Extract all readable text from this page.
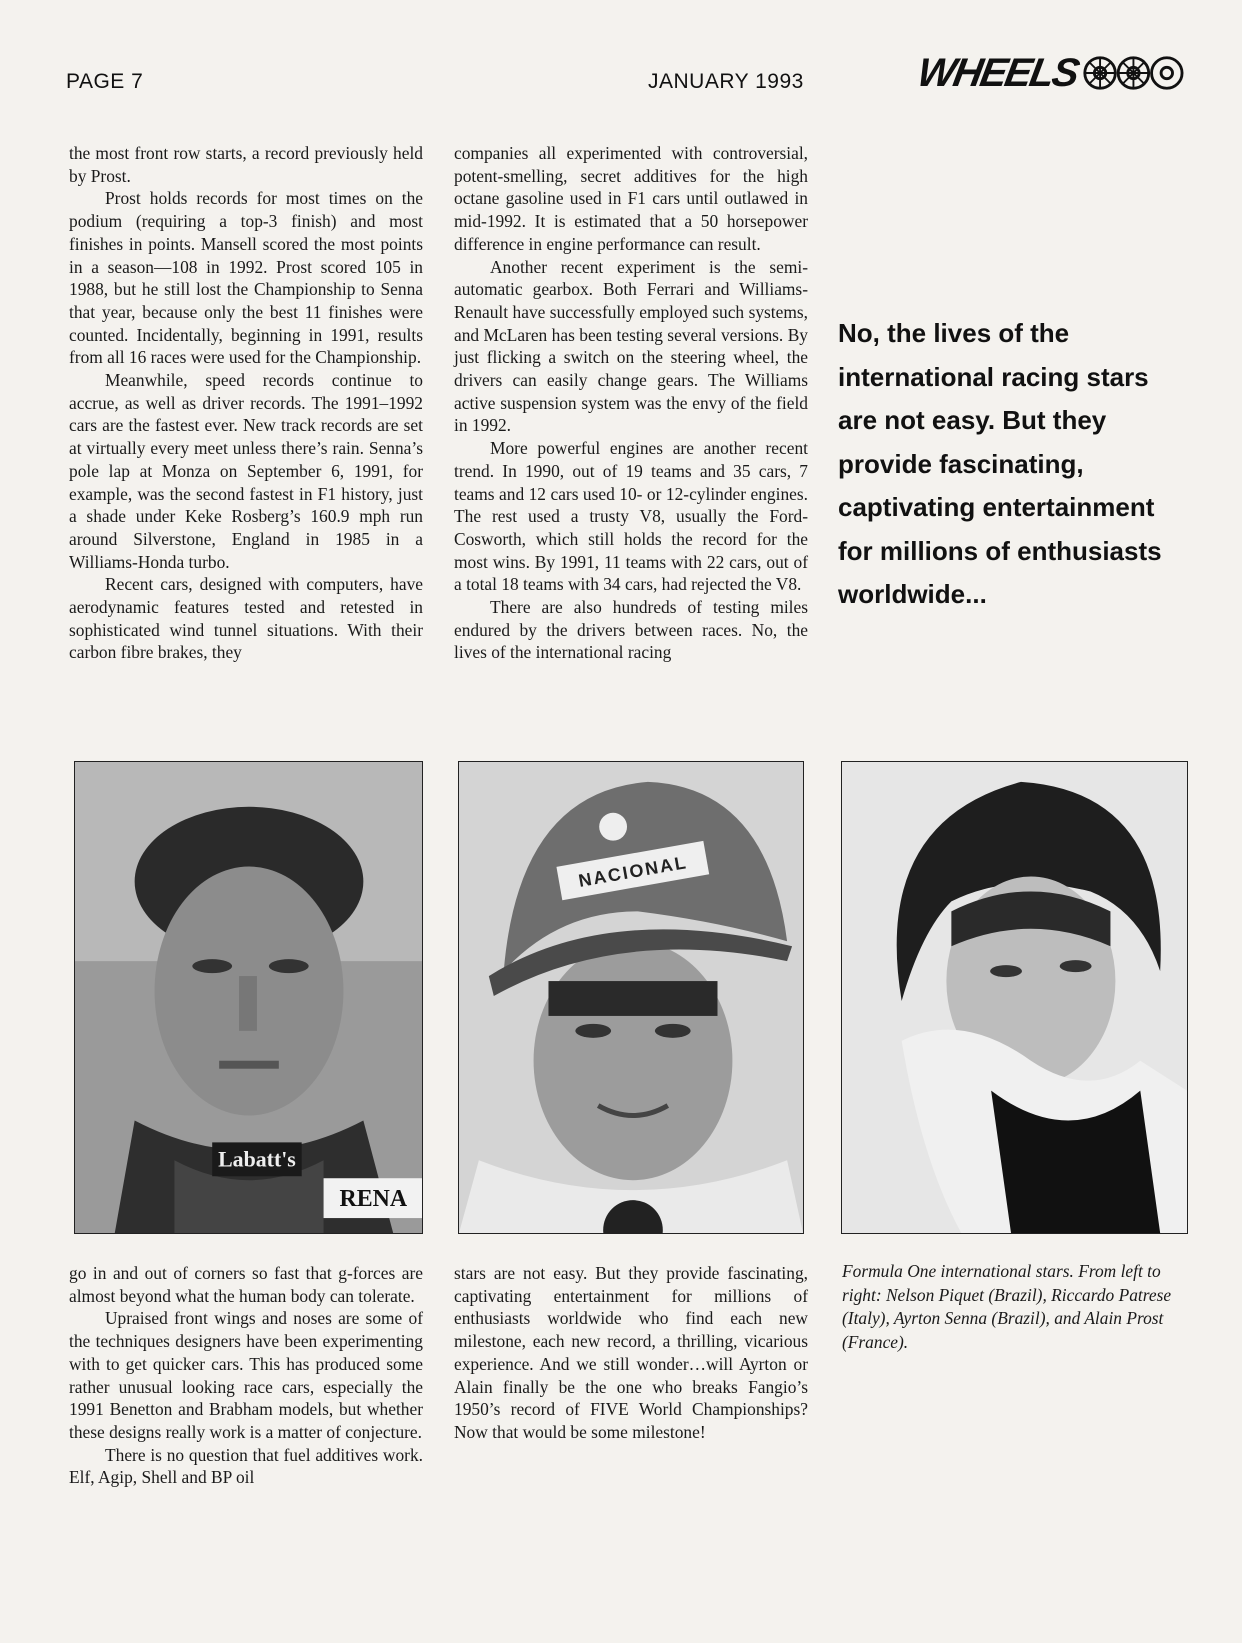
PAGE 7	JANUARY 1993	WHEELS

the most front row starts, a record previously held by Prost.

Prost holds records for most times on the podium (requiring a top-3 finish) and most finishes in points. Mansell scored the most points in a season—108 in 1992. Prost scored 105 in 1988, but he still lost the Championship to Senna that year, because only the best 11 finishes were counted. Incidentally, beginning in 1991, results from all 16 races were used for the Championship.

Meanwhile, speed records continue to accrue, as well as driver records. The 1991–1992 cars are the fastest ever. New track records are set at virtually every meet unless there’s rain. Senna’s pole lap at Monza on September 6, 1991, for example, was the second fastest in F1 history, just a shade under Keke Rosberg’s 160.9 mph run around Silverstone, England in 1985 in a Williams-Honda turbo.

Recent cars, designed with computers, have aerodynamic features tested and retested in sophisticated wind tunnel situations. With their carbon fibre brakes, they

companies all experimented with controversial, potent-smelling, secret additives for the high octane gasoline used in F1 cars until outlawed in mid-1992. It is estimated that a 50 horsepower difference in engine performance can result.

Another recent experiment is the semi-automatic gearbox. Both Ferrari and Williams-Renault have successfully employed such systems, and McLaren has been testing several versions. By just flicking a switch on the steering wheel, the drivers can easily change gears. The Williams active suspension system was the envy of the field in 1992.

More powerful engines are another recent trend. In 1990, out of 19 teams and 35 cars, 7 teams and 12 cars used 10- or 12-cylinder engines. The rest used a trusty V8, usually the Ford-Cosworth, which still holds the record for the most wins. By 1991, 11 teams with 22 cars, out of a total 18 teams with 34 cars, had rejected the V8.

There are also hundreds of testing miles endured by the drivers between races. No, the lives of the international racing

No, the lives of the international racing stars are not easy. But they provide fascinating, captivating entertainment for millions of enthusiasts worldwide...
Labatt's
RENA
NACIONAL

go in and out of corners so fast that g-forces are almost beyond what the human body can tolerate.

Upraised front wings and noses are some of the techniques designers have been experimenting with to get quicker cars. This has produced some rather unusual looking race cars, especially the 1991 Benetton and Brabham models, but whether these designs really work is a matter of conjecture.

There is no question that fuel additives work. Elf, Agip, Shell and BP oil

stars are not easy. But they provide fascinating, captivating entertainment for millions of enthusiasts worldwide who find each new milestone, each new record, a thrilling, vicarious experience. And we still wonder…will Ayrton or Alain finally be the one who breaks Fangio’s 1950’s record of FIVE World Championships? Now that would be some milestone!

Formula One international stars. From left to right: Nelson Piquet (Brazil), Riccardo Patrese (Italy), Ayrton Senna (Brazil), and Alain Prost (France).
